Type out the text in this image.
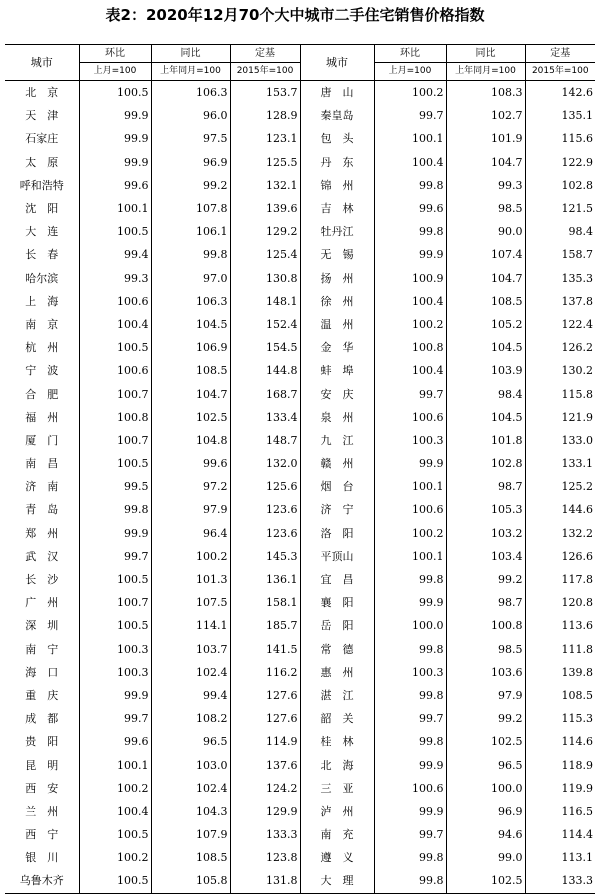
表2：2020年12月70个大中城市二手住宅销售价格指数
城市	环比	同比	定基	城市	环比	同比	定基
	上月=100	上年同月=100	2015年=100		上月=100	上年同月=100	2015年=100
北　京	100.5	106.3	153.7	唐　山	100.2	108.3	142.6
天　津	99.9	96.0	128.9	秦皇岛	99.7	102.7	135.1
石家庄	99.9	97.5	123.1	包　头	100.1	101.9	115.6
太　原	99.9	96.9	125.5	丹　东	100.4	104.7	122.9
呼和浩特	99.6	99.2	132.1	锦　州	99.8	99.3	102.8
沈　阳	100.1	107.8	139.6	吉　林	99.6	98.5	121.5
大　连	100.5	106.1	129.2	牡丹江	99.8	90.0	98.4
长　春	99.4	99.8	125.4	无　锡	99.9	107.4	158.7
哈尔滨	99.3	97.0	130.8	扬　州	100.9	104.7	135.3
上　海	100.6	106.3	148.1	徐　州	100.4	108.5	137.8
南　京	100.4	104.5	152.4	温　州	100.2	105.2	122.4
杭　州	100.5	106.9	154.5	金　华	100.8	104.5	126.2
宁　波	100.6	108.5	144.8	蚌　埠	100.4	103.9	130.2
合　肥	100.7	104.7	168.7	安　庆	99.7	98.4	115.8
福　州	100.8	102.5	133.4	泉　州	100.6	104.5	121.9
厦　门	100.7	104.8	148.7	九　江	100.3	101.8	133.0
南　昌	100.5	99.6	132.0	赣　州	99.9	102.8	133.1
济　南	99.5	97.2	125.6	烟　台	100.1	98.7	125.2
青　岛	99.8	97.9	123.6	济　宁	100.6	105.3	144.6
郑　州	99.9	96.4	123.6	洛　阳	100.2	103.2	132.2
武　汉	99.7	100.2	145.3	平顶山	100.1	103.4	126.6
长　沙	100.5	101.3	136.1	宜　昌	99.8	99.2	117.8
广　州	100.7	107.5	158.1	襄　阳	99.9	98.7	120.8
深　圳	100.5	114.1	185.7	岳　阳	100.0	100.8	113.6
南　宁	100.3	103.7	141.5	常　德	99.8	98.5	111.8
海　口	100.3	102.4	116.2	惠　州	100.3	103.6	139.8
重　庆	99.9	99.4	127.6	湛　江	99.8	97.9	108.5
成　都	99.7	108.2	127.6	韶　关	99.7	99.2	115.3
贵　阳	99.6	96.5	114.9	桂　林	99.8	102.5	114.6
昆　明	100.1	103.0	137.6	北　海	99.9	96.5	118.9
西　安	100.2	102.4	124.2	三　亚	100.6	100.0	119.9
兰　州	100.4	104.3	129.9	泸　州	99.9	96.9	116.5
西　宁	100.5	107.9	133.3	南　充	99.7	94.6	114.4
银　川	100.2	108.5	123.8	遵　义	99.8	99.0	113.1
乌鲁木齐	100.5	105.8	131.8	大　理	99.8	102.5	133.3
